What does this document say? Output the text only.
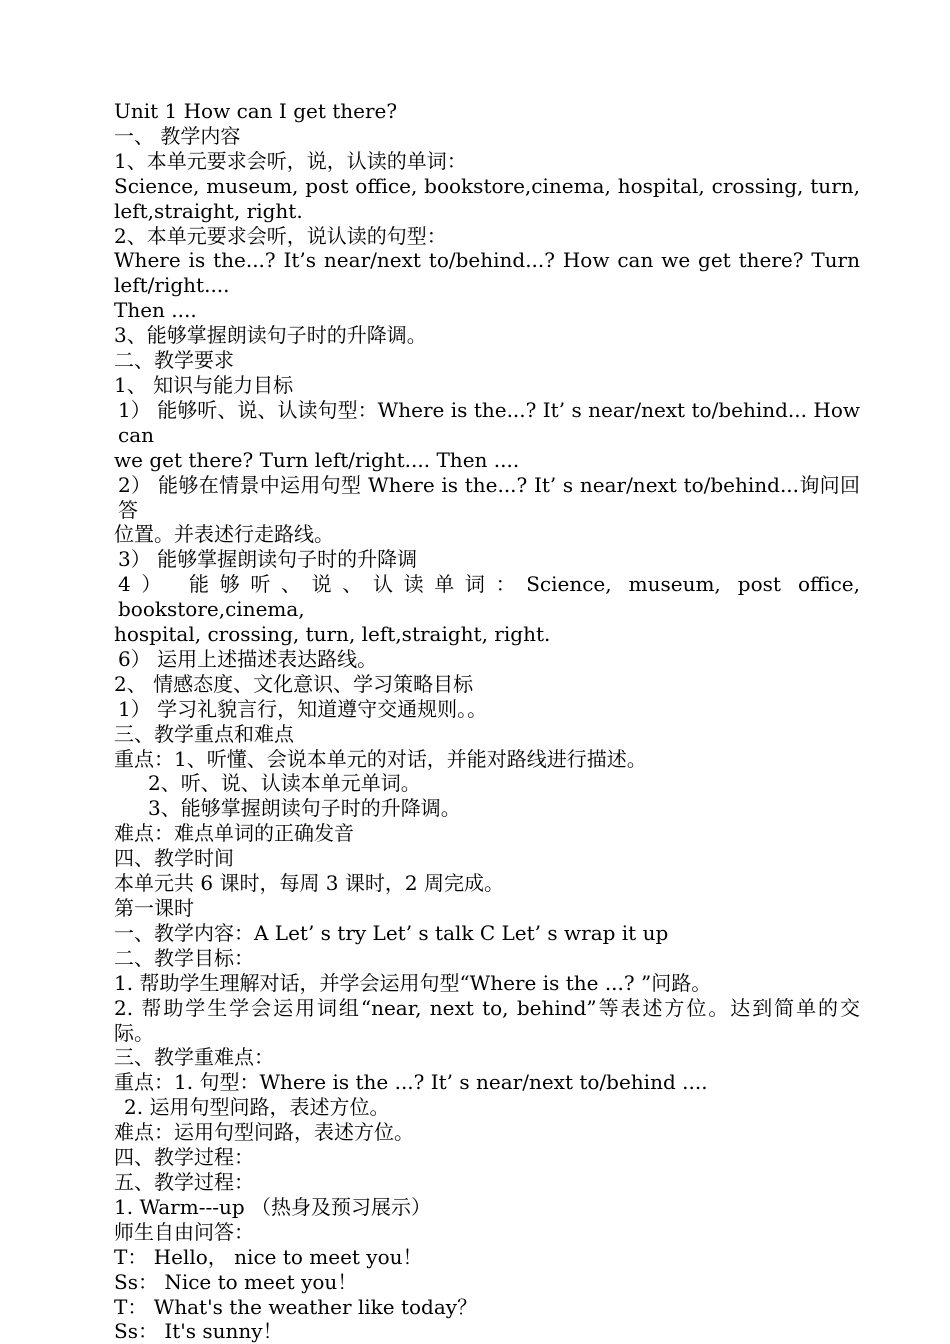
Unit 1 How can I get there?
一、 教学内容
1、本单元要求会听，说，认读的单词：
Science, museum, post office, bookstore,cinema, hospital, crossing, turn,
left,straight, right.
2、本单元要求会听，说认读的句型：
Where is the...? It’s near/next to/behind...? How can we get there? Turn left/right....
Then ....
3、能够掌握朗读句子时的升降调。
二、教学要求
1、 知识与能力目标
1） 能够听、说、认读句型：Where is the...? It’ s near/next to/behind... How can
we get there? Turn left/right.... Then ....
2） 能够在情景中运用句型 Where is the...? It’ s near/next to/behind...询问回答
位置。并表述行走路线。
3） 能够掌握朗读句子时的升降调
4） 能够听、说、认读单词：Science, museum, post office, bookstore,cinema,
hospital, crossing, turn, left,straight, right.
6） 运用上述描述表达路线。
2、 情感态度、文化意识、学习策略目标
1） 学习礼貌言行，知道遵守交通规则。。
三、教学重点和难点
重点：1、听懂、会说本单元的对话，并能对路线进行描述。
2、听、说、认读本单元单词。
3、能够掌握朗读句子时的升降调。
难点：难点单词的正确发音
四、教学时间
本单元共 6 课时，每周 3 课时，2 周完成。
第一课时
一、教学内容：A Let’ s try Let’ s talk C Let’ s wrap it up
二、教学目标：
1. 帮助学生理解对话，并学会运用句型“Where is the ...? ”问路。
2. 帮助学生学会运用词组“near, next to, behind”等表述方位。达到简单的交
际。
三、教学重难点：
重点：1. 句型：Where is the ...? It’ s near/next to/behind ....
2. 运用句型问路，表述方位。
难点：运用句型问路，表述方位。
四、教学过程：
五、教学过程：
1. Warm---up （热身及预习展示）
师生自由问答：
T： Hello， nice to meet you！
Ss： Nice to meet you！
T： What's the weather like today？
Ss： It's sunny！
